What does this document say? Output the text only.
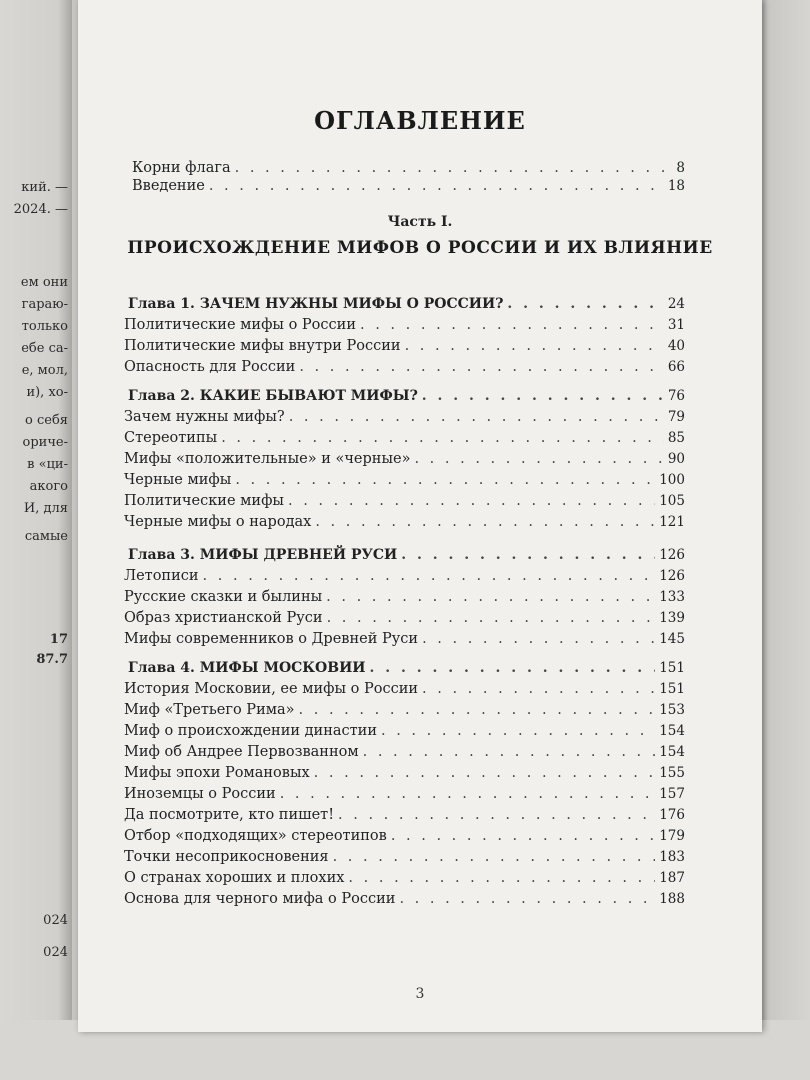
кий. —
2024. —
ем они
гараю-
только
ебе са-
е, мол,
и), хо-
о себя
ориче-
в «ци-
акого
И, для
самые
17
87.7
024
024
ОГЛАВЛЕНИЕ
Корни флага . . .	8
Введение . . .	18
Часть I.
ПРОИСХОЖДЕНИЕ МИФОВ О РОССИИ И ИХ ВЛИЯНИЕ
Глава 1. ЗАЧЕМ НУЖНЫ МИФЫ О РОССИИ? . . .	24
Политические мифы о России . . .	31
Политические мифы внутри России . . .	40
Опасность для России . . .	66
Глава 2. КАКИЕ БЫВАЮТ МИФЫ? . . .	76
Зачем нужны мифы? . . .	79
Стереотипы . . .	85
Мифы «положительные» и «черные» . . .	90
Черные мифы . . .	100
Политические мифы . . .	105
Черные мифы о народах . . .	121
Глава 3. МИФЫ ДРЕВНЕЙ РУСИ . . .	126
Летописи . . .	126
Русские сказки и былины . . .	133
Образ христианской Руси . . .	139
Мифы современников о Древней Руси . . .	145
Глава 4. МИФЫ МОСКОВИИ . . .	151
История Московии, ее мифы о России . . .	151
Миф «Третьего Рима» . . .	153
Миф о происхождении династии . . .	154
Миф об Андрее Первозванном . . .	154
Мифы эпохи Романовых . . .	155
Иноземцы о России . . .	157
Да посмотрите, кто пишет! . . .	176
Отбор «подходящих» стереотипов . . .	179
Точки несоприкосновения . . .	183
О странах хороших и плохих . . .	187
Основа для черного мифа о России . . .	188
3
